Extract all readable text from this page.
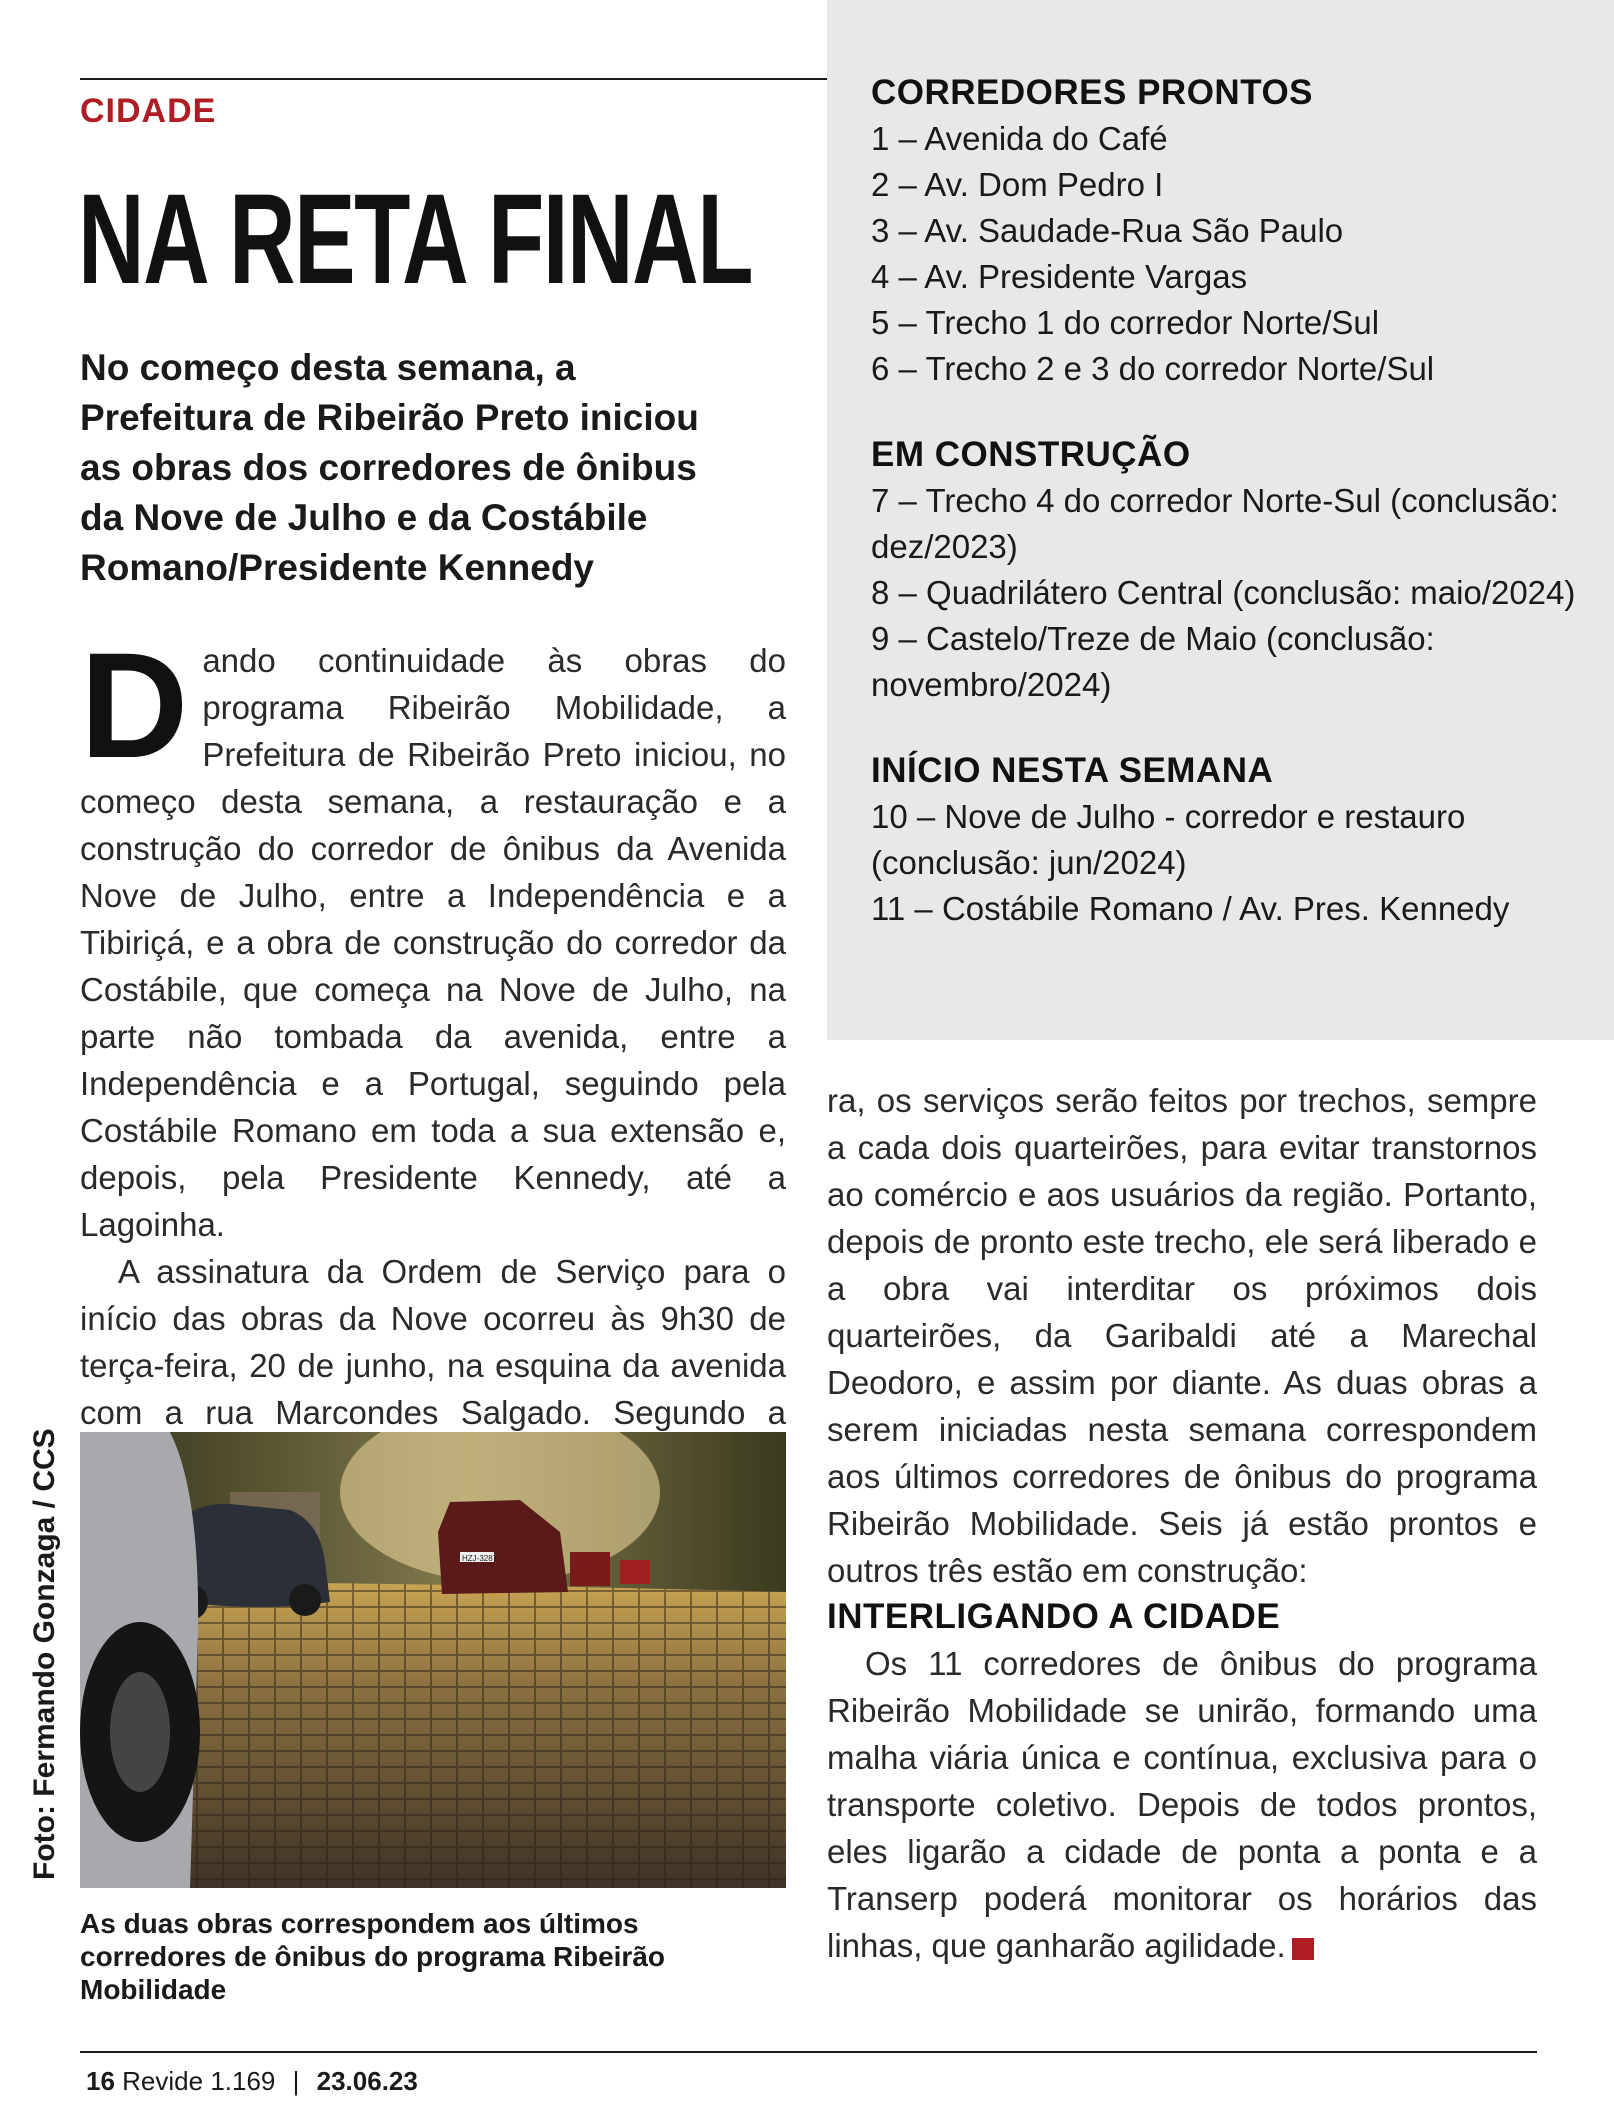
CIDADE
NA RETA FINAL

No começo desta semana, a Prefeitura de Ribeirão Preto iniciou as obras dos corredores de ônibus da Nove de Julho e da Costábile Romano/Presidente Kennedy

Dando continuidade às obras do programa Ribeirão Mobilidade, a Prefeitura de Ribeirão Preto iniciou, no começo desta semana, a restauração e a construção do corredor de ônibus da Avenida Nove de Julho, entre a Independência e a Tibiriçá, e a obra de construção do corredor da Costábile, que começa na Nove de Julho, na parte não tombada da avenida, entre a Independência e a Portugal, seguindo pela Costábile Romano em toda a sua extensão e, depois, pela Presidente Kennedy, até a Lagoinha.

A assinatura da Ordem de Serviço para o início das obras da Nove ocorreu às 9h30 de terça-feira, 20 de junho, na esquina da avenida com a rua Marcondes Salgado. Segundo a

HZJ-3287
Foto: Fermando Gonzaga / CCS

As duas obras correspondem aos últimos corredores de ônibus do programa Ribeirão Mobilidade

CORREDORES PRONTOS

1 – Avenida do Café

2 – Av. Dom Pedro I

3 – Av. Saudade-Rua São Paulo

4 – Av. Presidente Vargas

5 – Trecho 1 do corredor Norte/Sul

6 – Trecho 2 e 3 do corredor Norte/Sul

EM CONSTRUÇÃO

7 – Trecho 4 do corredor Norte-Sul (conclusão: dez/2023)

8 – Quadrilátero Central (conclusão: maio/2024)

9 – Castelo/Treze de Maio (conclusão: novembro/2024)

INÍCIO NESTA SEMANA

10 – Nove de Julho - corredor e restauro (conclusão: jun/2024)

11 – Costábile Romano / Av. Pres. Kennedy

ra, os serviços serão feitos por trechos, sempre a cada dois quarteirões, para evitar transtornos ao comércio e aos usuários da região. Portanto, depois de pronto este trecho, ele será liberado e a obra vai interditar os próximos dois quarteirões, da Garibaldi até a Marechal Deodoro, e assim por diante. As duas obras a serem iniciadas nesta semana correspondem aos últimos corredores de ônibus do programa Ribeirão Mobilidade. Seis já estão prontos e outros três estão em construção:

INTERLIGANDO A CIDADE

Os 11 corredores de ônibus do programa Ribeirão Mobilidade se unirão, formando uma malha viária única e contínua, exclusiva para o transporte coletivo. Depois de todos prontos, eles ligarão a cidade de ponta a ponta e a Transerp poderá monitorar os horários das linhas, que ganharão agilidade. R

16 Revide 1.169 | 23.06.23
